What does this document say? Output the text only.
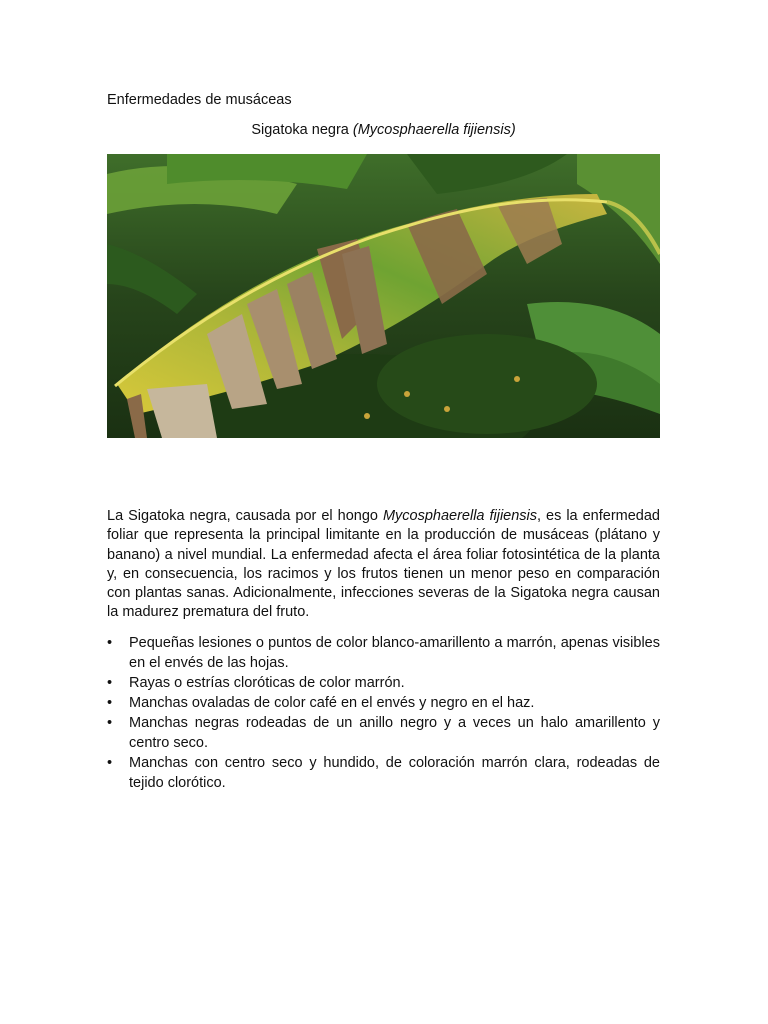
Enfermedades de musáceas
Sigatoka negra (Mycosphaerella fijiensis)

La Sigatoka negra, causada por el hongo Mycosphaerella fijiensis, es la enfermedad foliar que representa la principal limitante en la producción de musáceas (plátano y banano) a nivel mundial. La enfermedad afecta el área foliar fotosintética de la planta y, en consecuencia, los racimos y los frutos tienen un menor peso en comparación con plantas sanas. Adicionalmente, infecciones severas de la Sigatoka negra causan la madurez prematura del fruto.

•	Pequeñas lesiones o puntos de color blanco-amarillento a marrón, apenas visibles en el envés de las hojas.
•	Rayas o estrías cloróticas de color marrón.
•	Manchas ovaladas de color café en el envés y negro en el haz.
•	Manchas negras rodeadas de un anillo negro y a veces un halo amarillento y centro seco.
•	Manchas con centro seco y hundido, de coloración marrón clara, rodeadas de tejido clorótico.
